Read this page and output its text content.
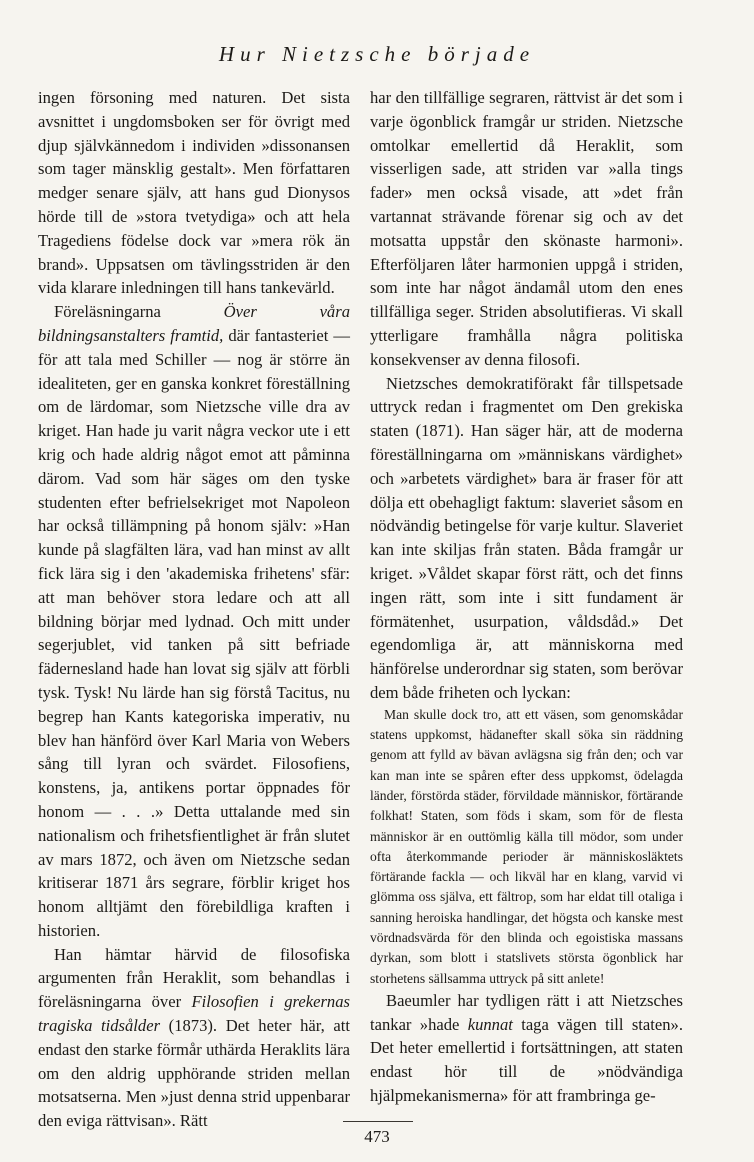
Hur Nietzsche började

ingen försoning med naturen. Det sista avsnittet i ungdomsboken ser för övrigt med djup självkännedom i individen »dissonansen som tager mänsklig gestalt». Men författaren medger senare själv, att hans gud Dionysos hörde till de »stora tvetydiga» och att hela Tragediens födelse dock var »mera rök än brand». Uppsatsen om tävlingsstriden är den vida klarare inledningen till hans tankevärld.

Föreläsningarna Över våra bildningsanstalters framtid, där fantasteriet — för att tala med Schiller — nog är större än idealiteten, ger en ganska konkret föreställning om de lärdomar, som Nietzsche ville dra av kriget. Han hade ju varit några veckor ute i ett krig och hade aldrig något emot att påminna därom. Vad som här säges om den tyske studenten efter befrielsekriget mot Napoleon har också tillämpning på honom själv: »Han kunde på slagfälten lära, vad han minst av allt fick lära sig i den 'akademiska frihetens' sfär: att man behöver stora ledare och att all bildning börjar med lydnad. Och mitt under segerjublet, vid tanken på sitt befriade fädernesland hade han lovat sig själv att förbli tysk. Tysk! Nu lärde han sig förstå Tacitus, nu begrep han Kants kategoriska imperativ, nu blev han hänförd över Karl Maria von Webers sång till lyran och svärdet. Filosofiens, konstens, ja, antikens portar öppnades för honom — . . .» Detta uttalande med sin nationalism och frihetsfientlighet är från slutet av mars 1872, och även om Nietzsche sedan kritiserar 1871 års segrare, förblir kriget hos honom alltjämt den förebildliga kraften i historien.

Han hämtar härvid de filosofiska argumenten från Heraklit, som behandlas i föreläsningarna över Filosofien i grekernas tragiska tidsålder (1873). Det heter här, att endast den starke förmår uthärda Heraklits lära om den aldrig upphörande striden mellan motsatserna. Men »just denna strid uppenbarar den eviga rättvisan». Rätt

har den tillfällige segraren, rättvist är det som i varje ögonblick framgår ur striden. Nietzsche omtolkar emellertid då Heraklit, som visserligen sade, att striden var »alla tings fader» men också visade, att »det från vartannat strävande förenar sig och av det motsatta uppstår den skönaste harmoni». Efterföljaren låter harmonien uppgå i striden, som inte har något ändamål utom den enes tillfälliga seger. Striden absolutifieras. Vi skall ytterligare framhålla några politiska konsekvenser av denna filosofi.

Nietzsches demokratiförakt får tillspetsade uttryck redan i fragmentet om Den grekiska staten (1871). Han säger här, att de moderna föreställningarna om »människans värdighet» och »arbetets värdighet» bara är fraser för att dölja ett obehagligt faktum: slaveriet såsom en nödvändig betingelse för varje kultur. Slaveriet kan inte skiljas från staten. Båda framgår ur kriget. »Våldet skapar först rätt, och det finns ingen rätt, som inte i sitt fundament är förmätenhet, usurpation, våldsdåd.» Det egendomliga är, att människorna med hänförelse underordnar sig staten, som berövar dem både friheten och lyckan:

Man skulle dock tro, att ett väsen, som genomskådar statens uppkomst, hädanefter skall söka sin räddning genom att fylld av bävan avlägsna sig från den; och var kan man inte se spåren efter dess uppkomst, ödelagda länder, förstörda städer, förvildade människor, förtärande folkhat! Staten, som föds i skam, som för de flesta människor är en outtömlig källa till mödor, som under ofta återkommande perioder är människosläktets förtärande fackla — och likväl har en klang, varvid vi glömma oss själva, ett fältrop, som har eldat till otaliga i sanning heroiska handlingar, det högsta och kanske mest vördnadsvärda för den blinda och egoistiska massans dyrkan, som blott i statslivets största ögonblick har storhetens sällsamma uttryck på sitt anlete!

Baeumler har tydligen rätt i att Nietzsches tankar »hade kunnat taga vägen till staten». Det heter emellertid i fortsättningen, att staten endast hör till de »nödvändiga hjälpmekanismerna» för att frambringa ge-

473
